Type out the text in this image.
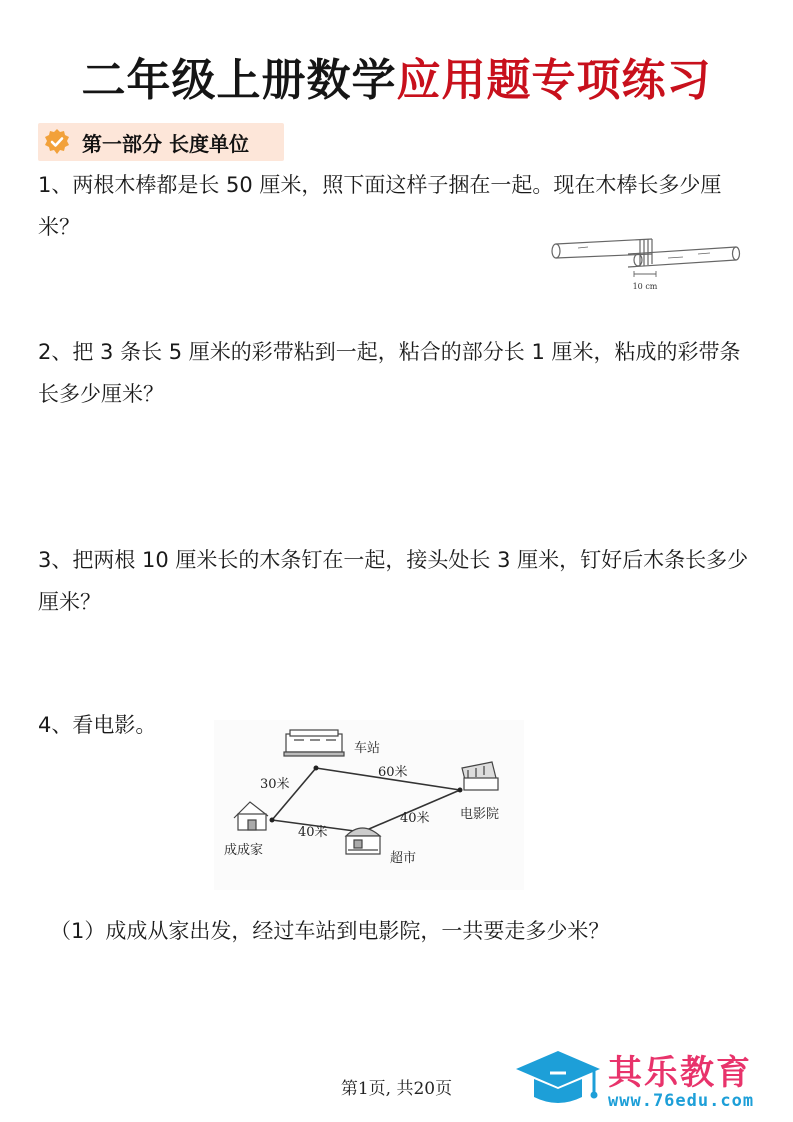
二年级上册数学应用题专项练习
第一部分 长度单位
1、两根木棒都是长 50 厘米，照下面这样子捆在一起。现在木棒长多少厘 米？
10 cm
2、把 3 条长 5 厘米的彩带粘到一起，粘合的部分长 1 厘米，粘成的彩带条长多少厘米？
3、把两根 10 厘米长的木条钉在一起，接头处长 3 厘米，钉好后木条长多少厘米？
4、看电影。
车站
电影院
成成家
超市
30米
60米
40米
40米
（1）成成从家出发，经过车站到电影院，一共要走多少米？
第1页, 共20页	其乐教育
www.76edu.com
